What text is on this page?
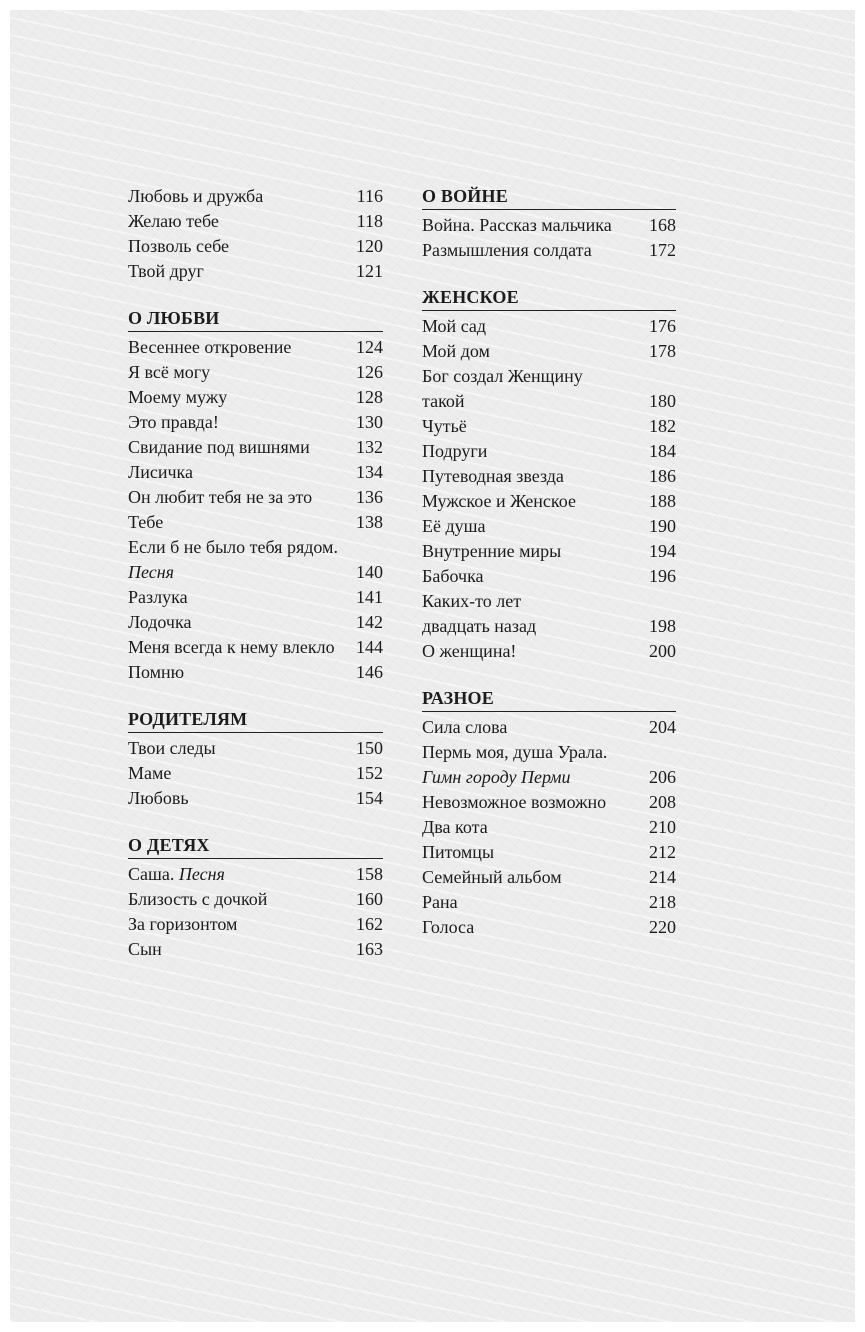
Любовь и дружба	116
Желаю тебе	118
Позволь себе	120
Твой друг	121
О ЛЮБВИ
Весеннее откровение	124
Я всё могу	126
Моему мужу	128
Это правда!	130
Свидание под вишнями	132
Лисичка	134
Он любит тебя не за это 136
Тебе	138
Если б не было тебя рядом.
Песня	140
Разлука	141
Лодочка	142
Меня всегда к нему влекло 144
Помню	146
РОДИТЕЛЯМ
Твои следы	150
Маме	152
Любовь	154
О ДЕТЯХ
Саша. Песня	158
Близость с дочкой	160
За горизонтом	162
Сын	163
О ВОЙНЕ
Война. Рассказ мальчика 168
Размышления солдата	172
ЖЕНСКОЕ
Мой сад	176
Мой дом	178
Бог создал Женщину
такой	180
Чутьё	182
Подруги	184
Путеводная звезда	186
Мужское и Женское	188
Её душа	190
Внутренние миры	194
Бабочка	196
Каких-то лет
двадцать назад	198
О женщина!	200
РАЗНОЕ
Сила слова	204
Пермь моя, душа Урала.
Гимн городу Перми	206
Невозможное возможно 208
Два кота	210
Питомцы	212
Семейный альбом	214
Рана	218
Голоса	220
